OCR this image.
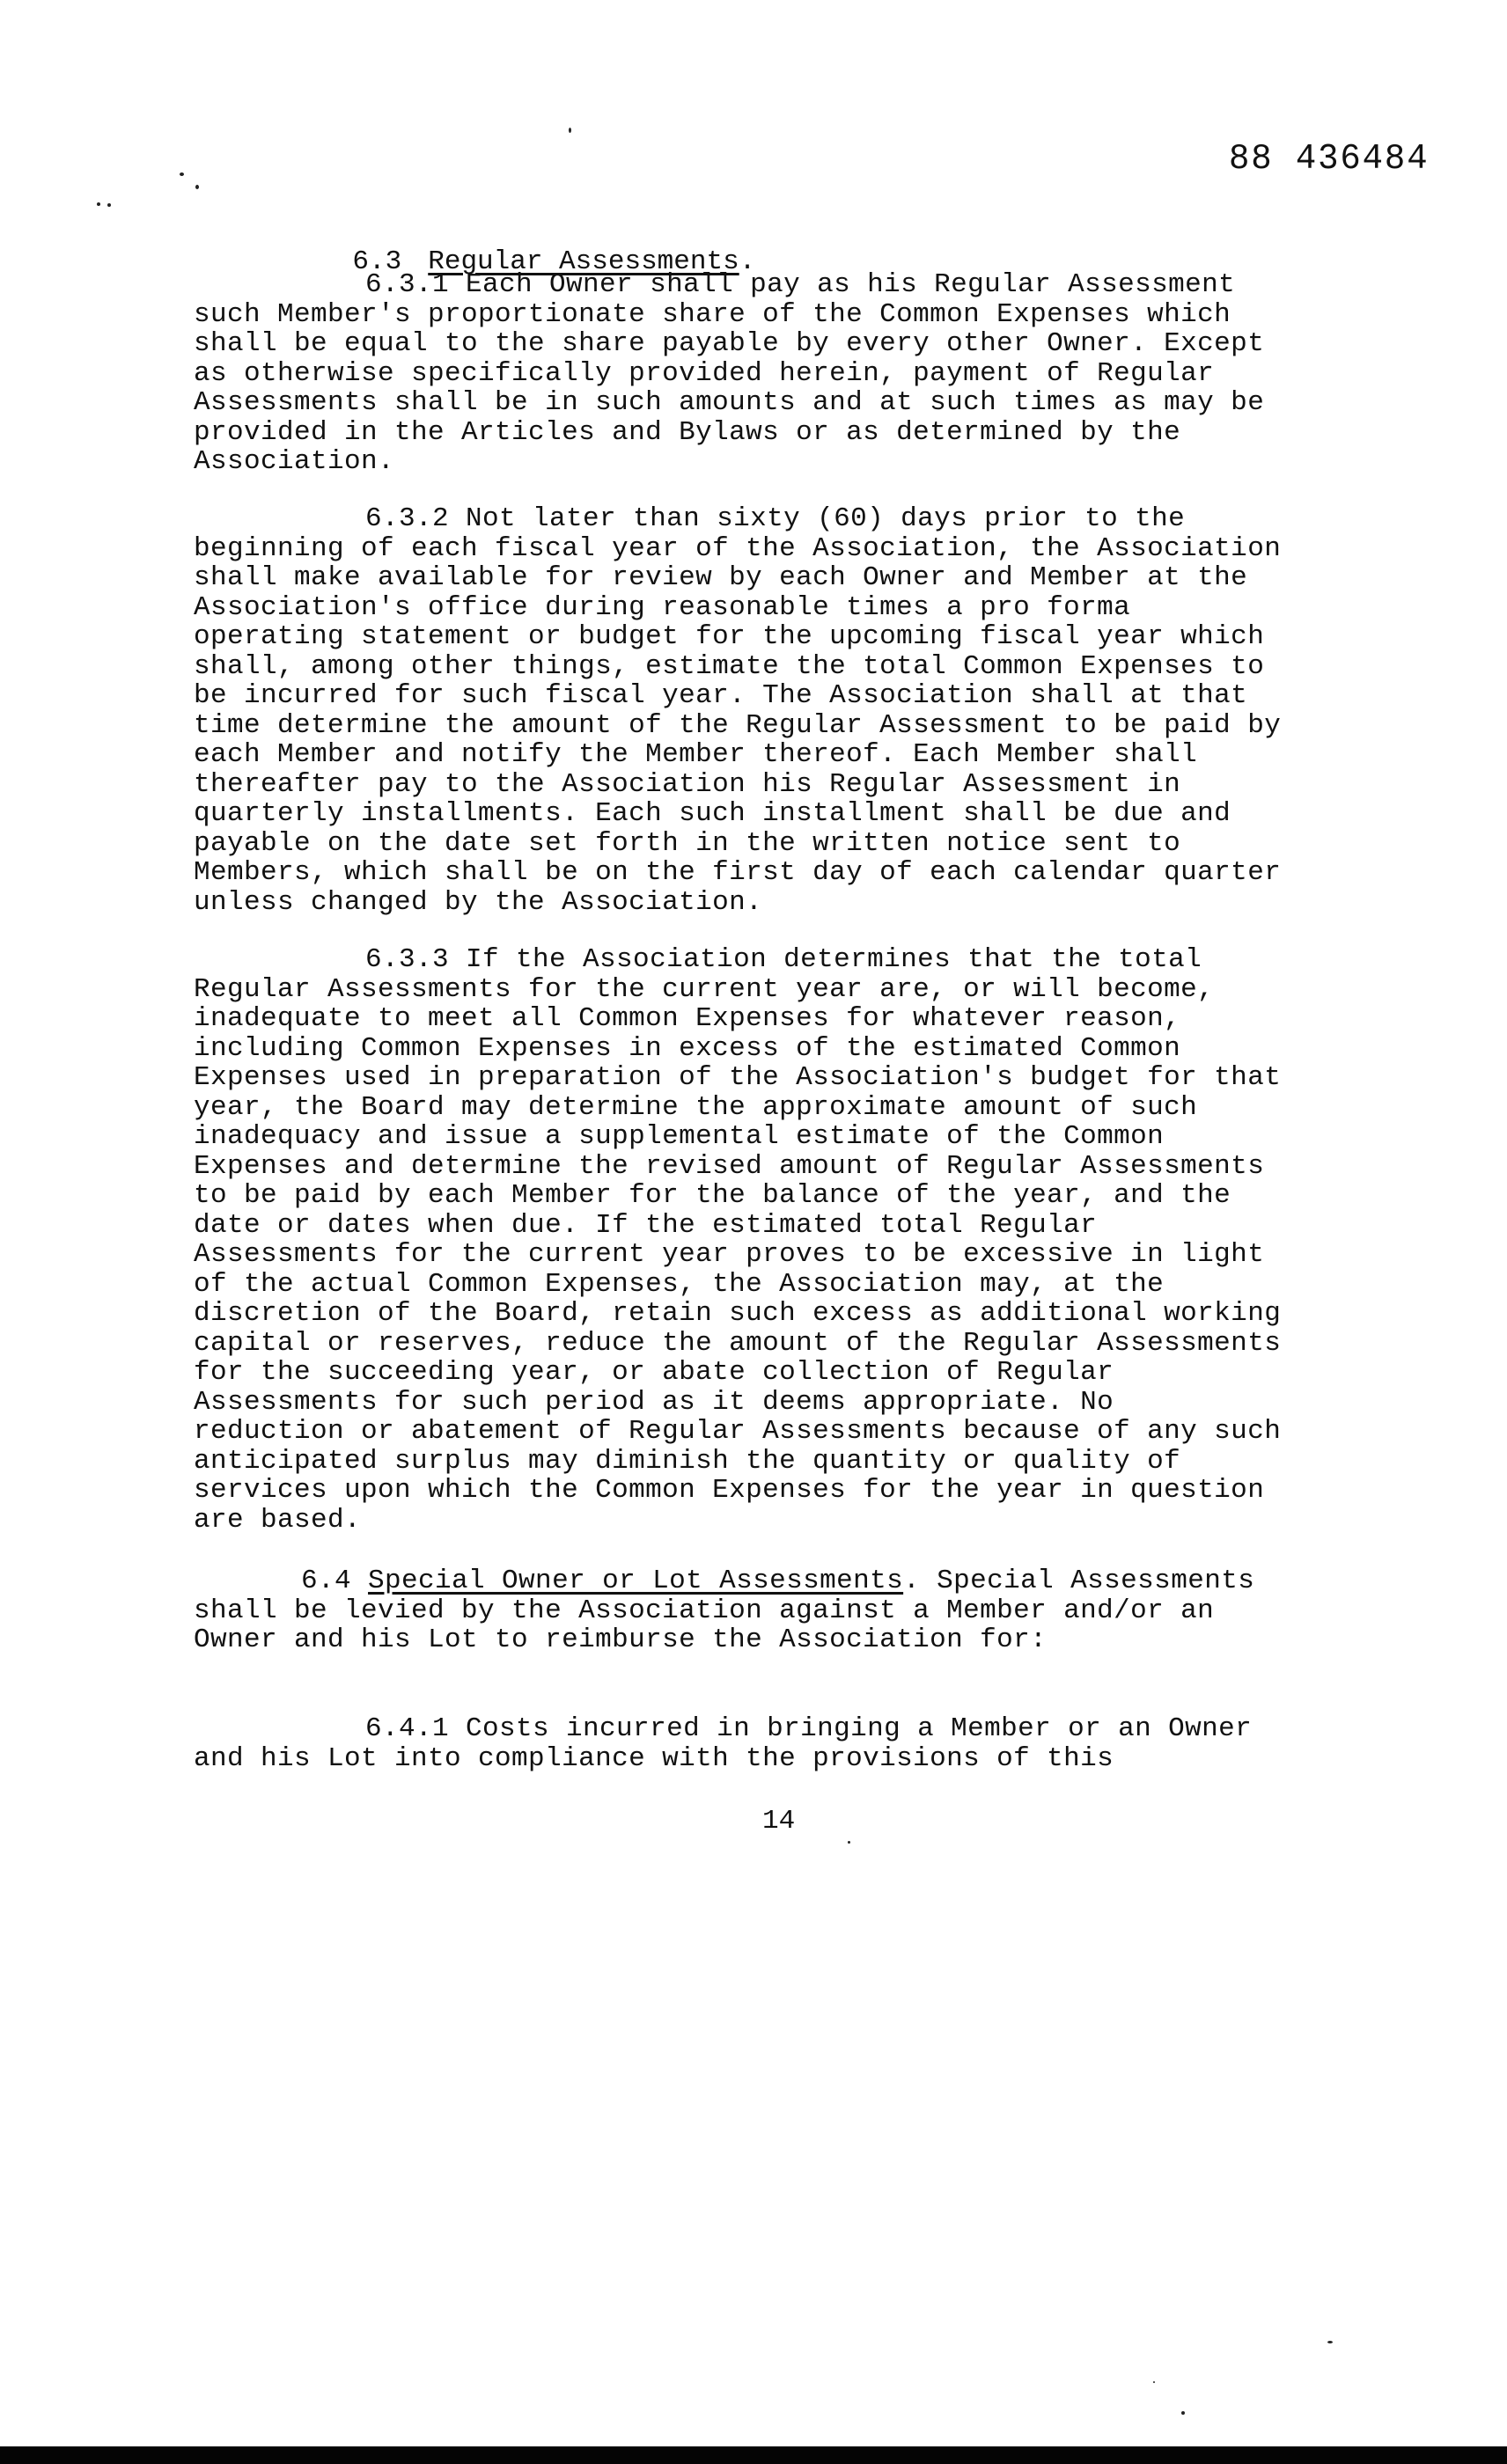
88 436484

6.3 Regular Assessments.

6.3.1 Each Owner shall pay as his Regular Assessment
such Member's proportionate share of the Common Expenses which
shall be equal to the share payable by every other Owner. Except
as otherwise specifically provided herein, payment of Regular
Assessments shall be in such amounts and at such times as may be
provided in the Articles and Bylaws or as determined by the
Association.
6.3.2 Not later than sixty (60) days prior to the
beginning of each fiscal year of the Association, the Association
shall make available for review by each Owner and Member at the
Association's office during reasonable times a pro forma
operating statement or budget for the upcoming fiscal year which
shall, among other things, estimate the total Common Expenses to
be incurred for such fiscal year. The Association shall at that
time determine the amount of the Regular Assessment to be paid by
each Member and notify the Member thereof. Each Member shall
thereafter pay to the Association his Regular Assessment in
quarterly installments. Each such installment shall be due and
payable on the date set forth in the written notice sent to
Members, which shall be on the first day of each calendar quarter
unless changed by the Association.
6.3.3 If the Association determines that the total
Regular Assessments for the current year are, or will become,
inadequate to meet all Common Expenses for whatever reason,
including Common Expenses in excess of the estimated Common
Expenses used in preparation of the Association's budget for that
year, the Board may determine the approximate amount of such
inadequacy and issue a supplemental estimate of the Common
Expenses and determine the revised amount of Regular Assessments
to be paid by each Member for the balance of the year, and the
date or dates when due. If the estimated total Regular
Assessments for the current year proves to be excessive in light
of the actual Common Expenses, the Association may, at the
discretion of the Board, retain such excess as additional working
capital or reserves, reduce the amount of the Regular Assessments
for the succeeding year, or abate collection of Regular
Assessments for such period as it deems appropriate. No
reduction or abatement of Regular Assessments because of any such
anticipated surplus may diminish the quantity or quality of
services upon which the Common Expenses for the year in question
are based.
6.4 Special Owner or Lot Assessments. Special Assessments
shall be levied by the Association against a Member and/or an
Owner and his Lot to reimburse the Association for:
6.4.1 Costs incurred in bringing a Member or an Owner
and his Lot into compliance with the provisions of this
14
